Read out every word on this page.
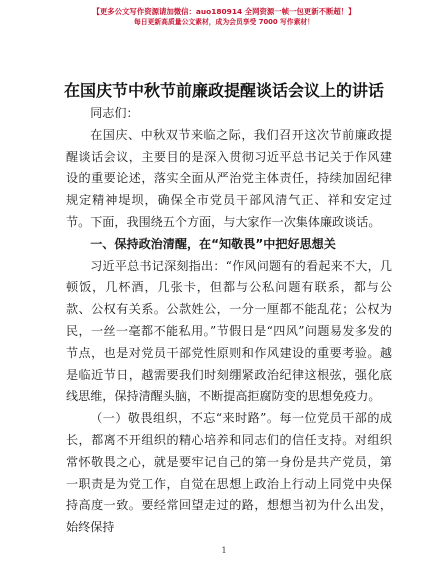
【更多公文写作资源请加微信：auo180914 全网资源一帧一包更新不断超！】
每日更新高质量公文素材，成为会员享受 7000 写作素材！
在国庆节中秋节前廉政提醒谈话会议上的讲话

同志们：

在国庆、中秋双节来临之际，我们召开这次节前廉政提醒谈话会议，主要目的是深入贯彻习近平总书记关于作风建设的重要论述，落实全面从严治党主体责任，持续加固纪律规定精神堤坝，确保全市党员干部风清气正、祥和安定过节。下面，我围绕五个方面，与大家作一次集体廉政谈话。

一、保持政治清醒，在“知敬畏”中把好思想关

习近平总书记深刻指出：“作风问题有的看起来不大，几顿饭，几杯酒，几张卡，但都与公私问题有联系，都与公款、公权有关系。公款姓公，一分一厘都不能乱花；公权为民，一丝一毫都不能私用。”节假日是“四风”问题易发多发的节点，也是对党员干部党性原则和作风建设的重要考验。越是临近节日，越需要我们时刻绷紧政治纪律这根弦，强化底线思维，保持清醒头脑，不断提高拒腐防变的思想免疫力。

（一）敬畏组织，不忘“来时路”。每一位党员干部的成长，都离不开组织的精心培养和同志们的信任支持。对组织常怀敬畏之心，就是要牢记自己的第一身份是共产党员，第一职责是为党工作，自觉在思想上政治上行动上同党中央保持高度一致。要经常回望走过的路，想想当初为什么出发，始终保持

1
